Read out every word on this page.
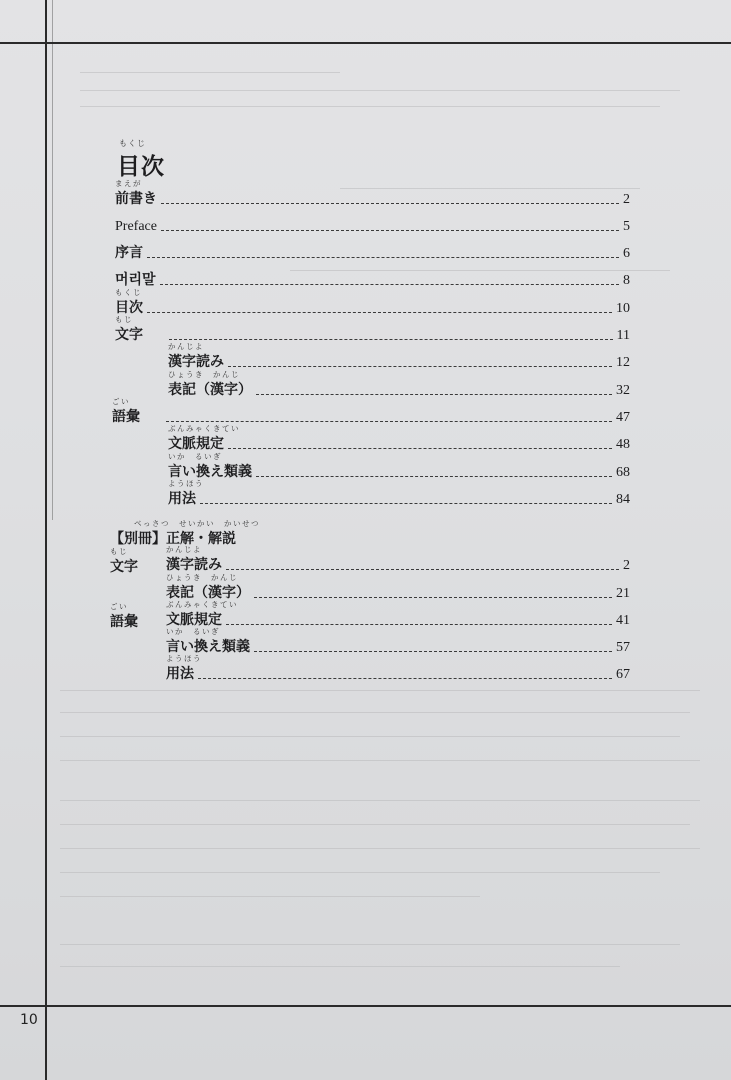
もくじ
目次
まえが
前書き	2
Preface	5
序言	6
머리말	8
もくじ
目次	10
もじ
文字	11
かんじよ
漢字読み	12
ひょうき　かんじ
表記（漢字）	32
ごい
語彙	47
ぶんみゃくきてい
文脈規定	48
いか　るいぎ
言い換え類義	68
ようほう
用法	84
べっさつ　せいかい　かいせつ
【別冊】正解・解説
もじ
文字
かんじよ
漢字読み	2
ひょうき　かんじ
表記（漢字）	21
ごい
語彙
ぶんみゃくきてい
文脈規定	41
いか　るいぎ
言い換え類義	57
ようほう
用法	67
10
